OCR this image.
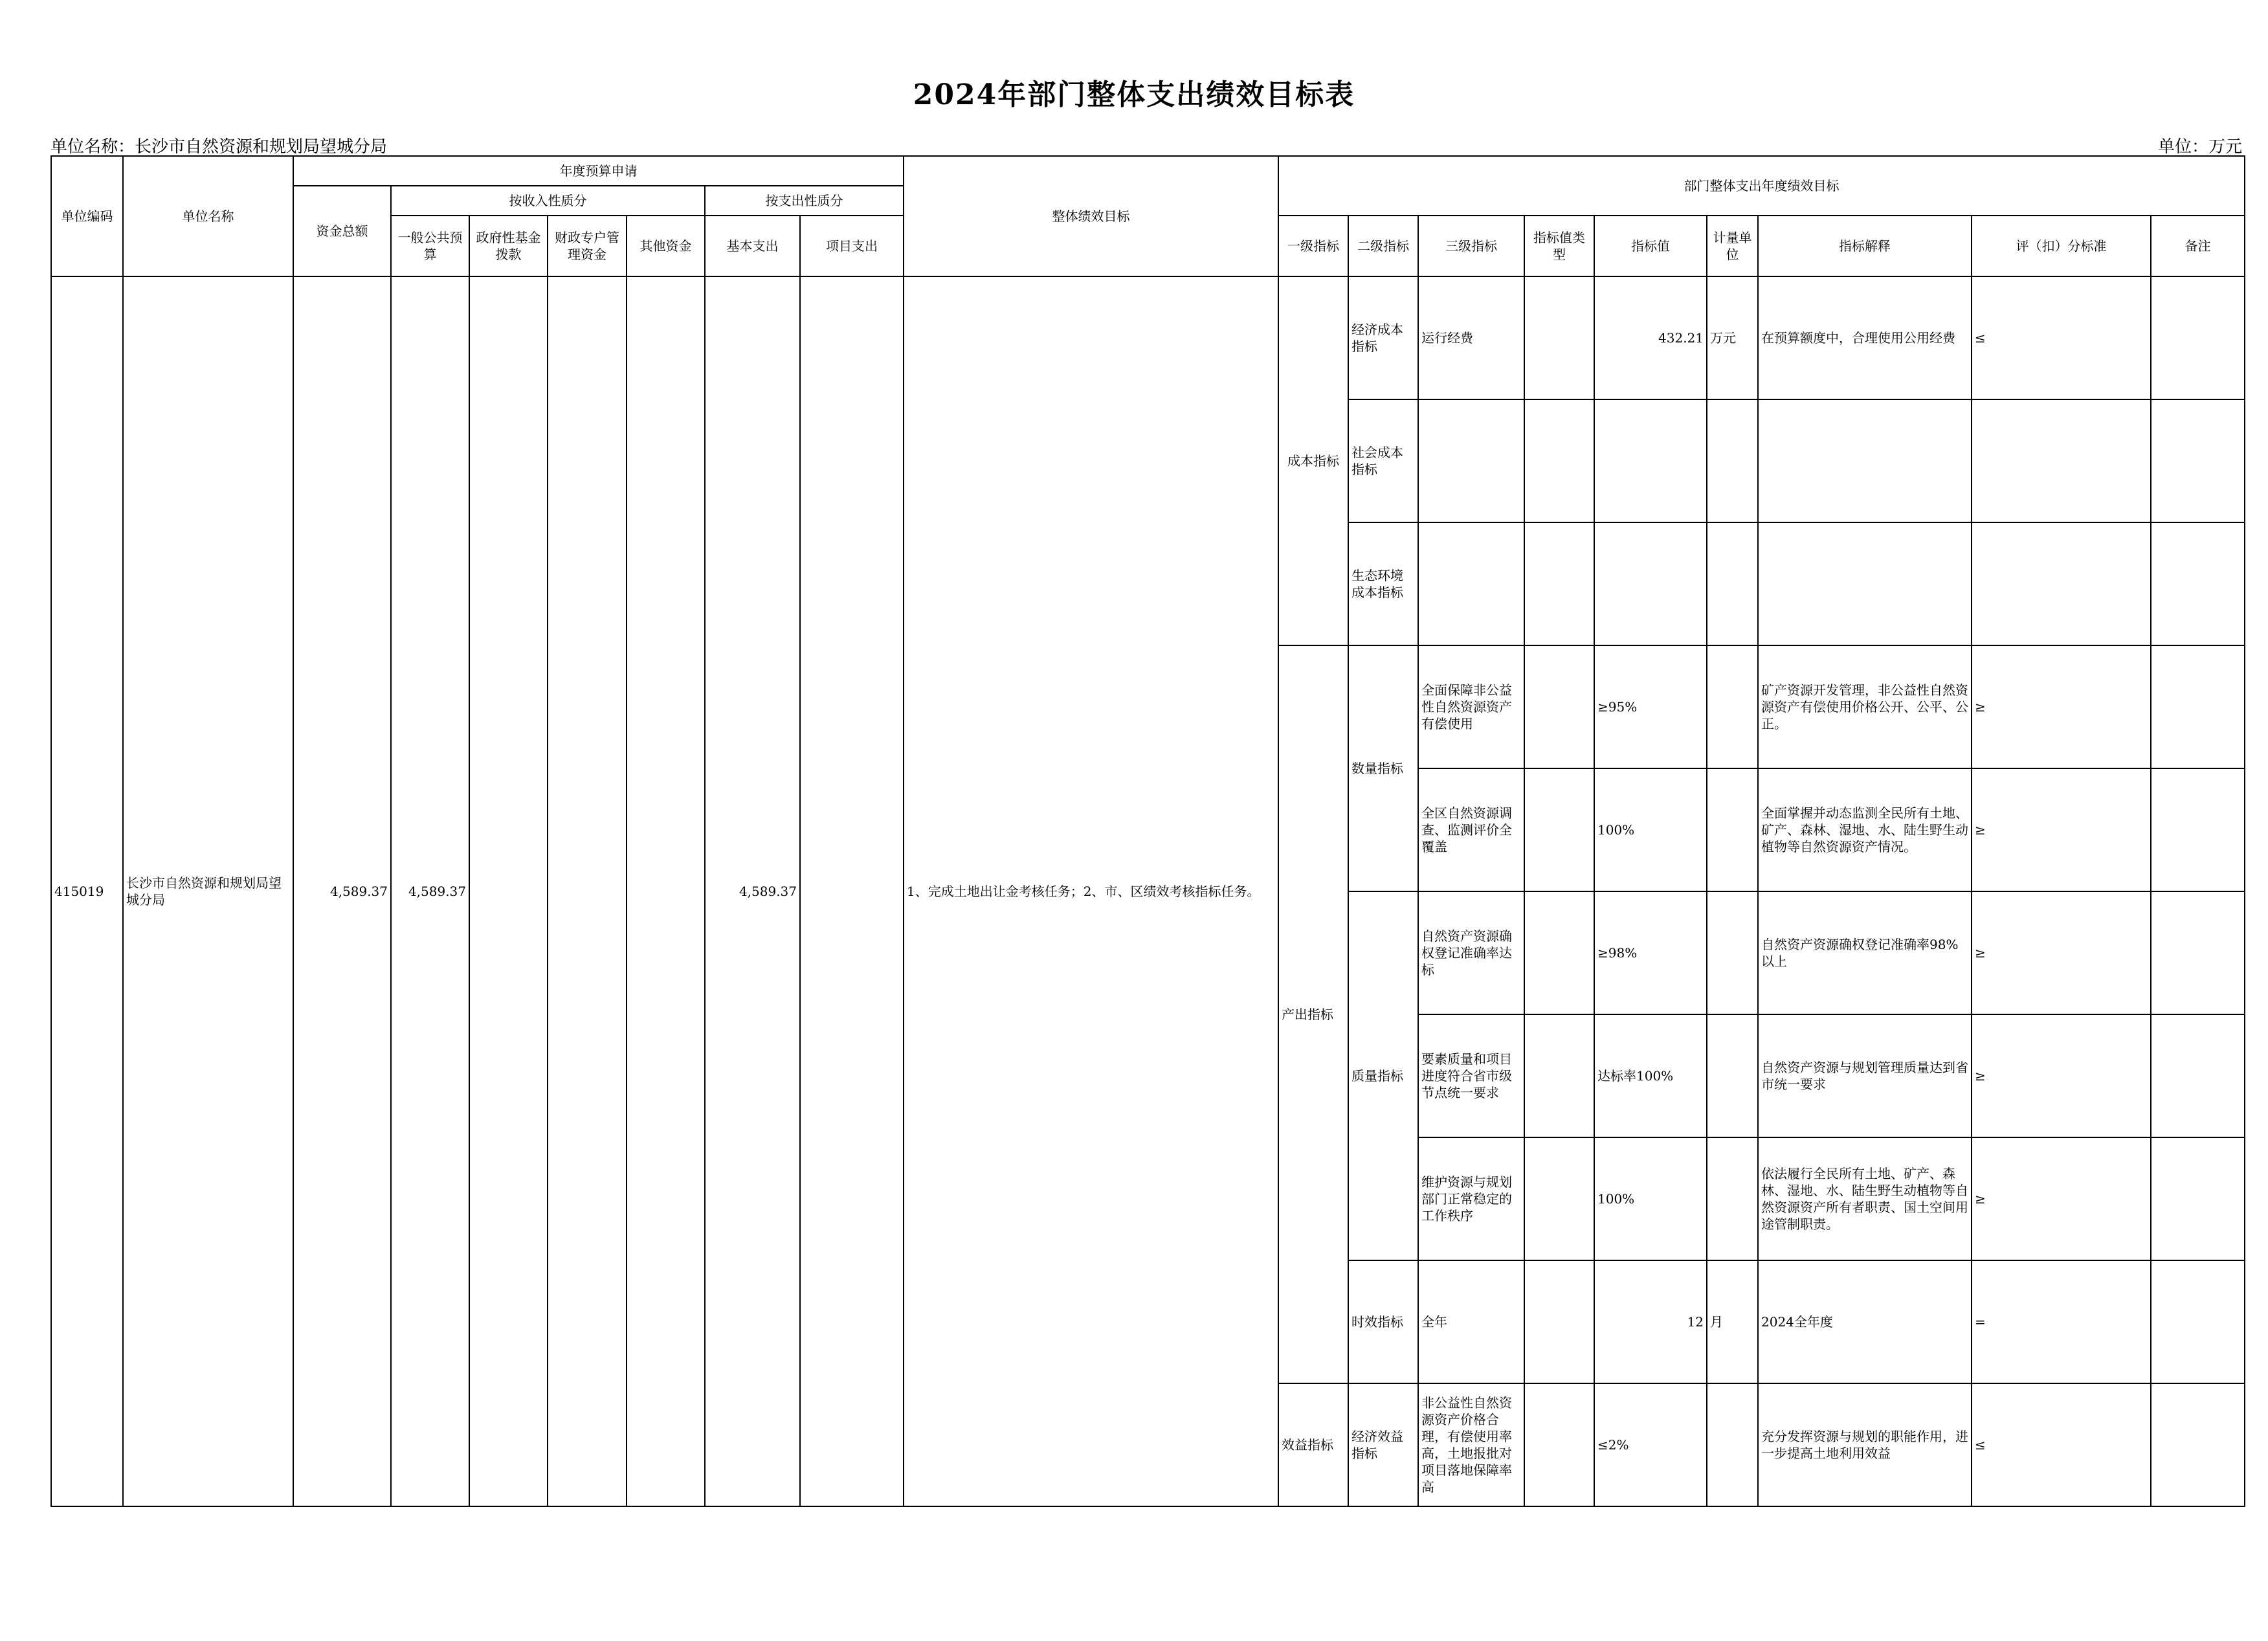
2024年部门整体支出绩效目标表
单位名称：长沙市自然资源和规划局望城分局	单位：万元
单位编码	单位名称	年度预算申请							整体绩效目标	部门整体支出年度绩效目标								
		资金总额	按收入性质分				按支出性质分											
			一般公共预算	政府性基金拨款	财政专户管理资金	其他资金	基本支出	项目支出		一级指标	二级指标	三级指标	指标值类型	指标值	计量单位	指标解释	评（扣）分标准	备注
415019	长沙市自然资源和规划局望城分局	4,589.37	4,589.37				4,589.37		1、完成土地出让金考核任务；2、市、区绩效考核指标任务。	成本指标	经济成本指标	运行经费		432.21	万元	在预算额度中，合理使用公用经费	≤	
											社会成本指标							
											生态环境成本指标							
										产出指标	数量指标	全面保障非公益性自然资源资产有偿使用		≥95%		矿产资源开发管理，非公益性自然资源资产有偿使用价格公开、公平、公正。	≥	
												全区自然资源调查、监测评价全覆盖		100%		全面掌握并动态监测全民所有土地、矿产、森林、湿地、水、陆生野生动植物等自然资源资产情况。	≥	
											质量指标	自然资产资源确权登记准确率达标		≥98%		自然资产资源确权登记准确率98%以上	≥	
												要素质量和项目进度符合省市级节点统一要求		达标率100%		自然资产资源与规划管理质量达到省市统一要求	≥	
												维护资源与规划部门正常稳定的工作秩序		100%		依法履行全民所有土地、矿产、森林、湿地、水、陆生野生动植物等自然资源资产所有者职责、国土空间用途管制职责。	≥	
											时效指标	全年		12	月	2024全年度	=	
										效益指标	经济效益指标	非公益性自然资源资产价格合理，有偿使用率高，土地报批对项目落地保障率高		≤2%		充分发挥资源与规划的职能作用，进一步提高土地利用效益	≤	
